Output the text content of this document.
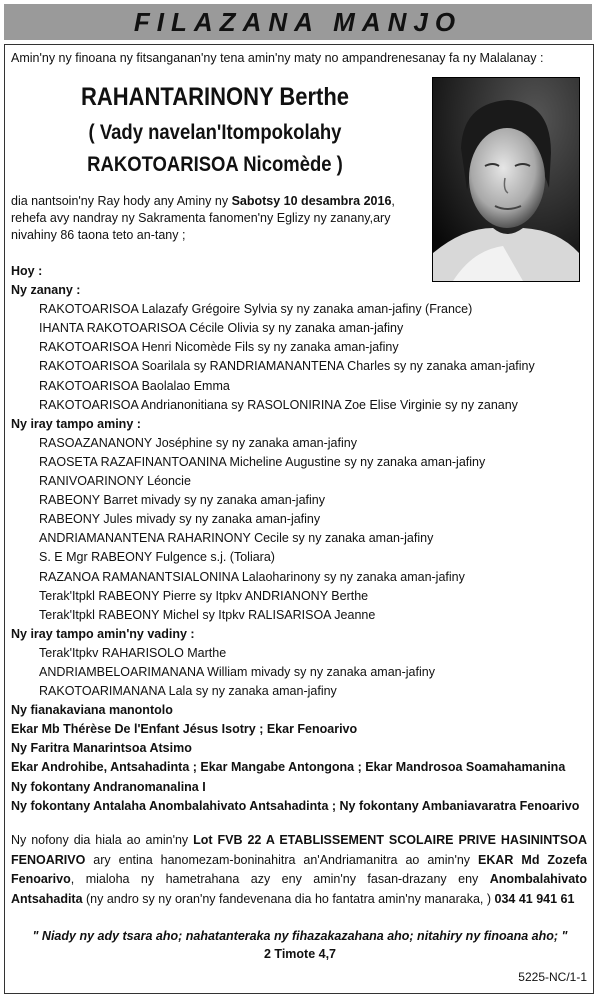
FILAZANA MANJO
Amin'ny ny finoana ny fitsanganan'ny tena amin'ny maty no ampandrenesanay fa ny Malalanay :
RAHANTARINONY Berthe
( Vady navelan'Itompokolahy
RAKOTOARISOA Nicomède )
dia nantsoin'ny Ray hody any Aminy ny Sabotsy 10 desambra 2016, rehefa avy nandray ny Sakramenta fanomen'ny Eglizy ny zanany,ary nivahiny 86 taona teto an-tany ;
Hoy :
Ny zanany :
RAKOTOARISOA Lalazafy Grégoire Sylvia sy ny zanaka aman-jafiny (France)
IHANTA RAKOTOARISOA Cécile Olivia sy ny zanaka aman-jafiny
RAKOTOARISOA Henri Nicomède Fils sy ny zanaka aman-jafiny
RAKOTOARISOA Soarilala sy RANDRIAMANANTENA Charles sy ny zanaka aman-jafiny
RAKOTOARISOA Baolalao Emma
RAKOTOARISOA Andrianonitiana sy RASOLONIRINA Zoe Elise Virginie sy ny zanany
Ny iray tampo aminy :
RASOAZANANONY Joséphine sy ny zanaka aman-jafiny
RAOSETA RAZAFINANTOANINA Micheline Augustine sy ny zanaka aman-jafiny
RANIVOARINONY Léoncie
RABEONY Barret mivady sy ny zanaka aman-jafiny
RABEONY Jules mivady sy ny zanaka aman-jafiny
ANDRIAMANANTENA RAHARINONY Cecile sy ny zanaka aman-jafiny
S. E Mgr RABEONY Fulgence s.j. (Toliara)
RAZANOA RAMANANTSIALONINA Lalaoharinony sy ny zanaka aman-jafiny
Terak'Itpkl RABEONY Pierre sy Itpkv ANDRIANONY Berthe
Terak'Itpkl RABEONY Michel sy Itpkv RALISARISOA Jeanne
Ny iray tampo amin'ny vadiny :
Terak'Itpkv RAHARISOLO Marthe
ANDRIAMBELOARIMANANA William mivady sy ny zanaka aman-jafiny
RAKOTOARIMANANA Lala sy ny zanaka aman-jafiny
Ny fianakaviana manontolo
Ekar Mb Thérèse De l'Enfant Jésus Isotry ; Ekar Fenoarivo
Ny Faritra Manarintsoa Atsimo
Ekar Androhibe, Antsahadinta ; Ekar Mangabe Antongona ; Ekar Mandrosoa Soamahamanina
Ny fokontany Andranomanalina I
Ny fokontany Antalaha Anombalahivato Antsahadinta ; Ny fokontany Ambaniavaratra Fenoarivo
Ny nofony dia hiala ao amin'ny Lot FVB 22 A ETABLISSEMENT SCOLAIRE PRIVE HASININTSOA FENOARIVO ary entina hanomezam-boninahitra an'Andriamanitra ao amin'ny EKAR Md Zozefa Fenoarivo, mialoha ny hametrahana azy eny amin'ny fasan-drazany eny Anombalahivato Antsahadita (ny andro sy ny oran'ny fandevenana dia ho fantatra amin'ny manaraka, ) 034 41 941 61
" Niady ny ady tsara aho; nahatanteraka ny fihazakazahana aho; nitahiry ny finoana aho; "
2 Timote 4,7
5225-NC/1-1
